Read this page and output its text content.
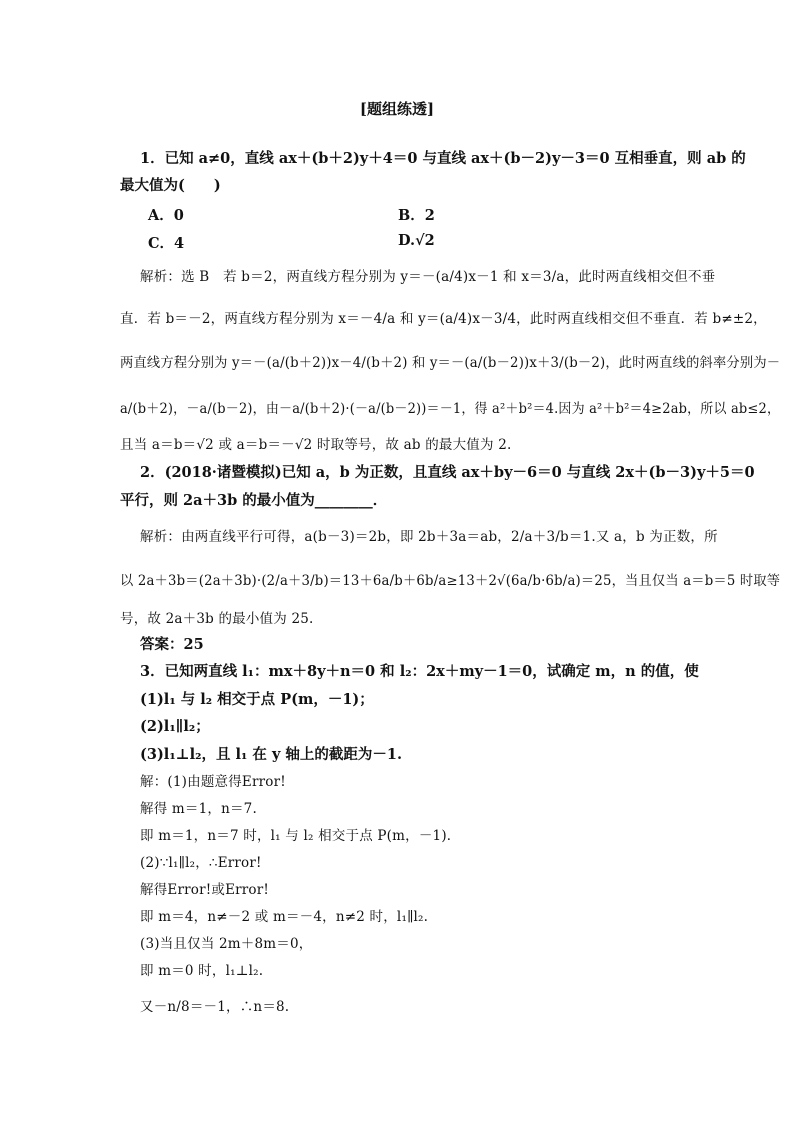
[题组练透]
1．已知 a≠0，直线 ax＋(b＋2)y＋4＝0 与直线 ax＋(b－2)y－3＝0 互相垂直，则 ab 的
最大值为(　　)
A．0	B．2
C．4	D.√2
解析：选 B　若 b＝2，两直线方程分别为 y＝－(a/4)x－1 和 x＝3/a，此时两直线相交但不垂
直．若 b＝－2，两直线方程分别为 x＝－4/a 和 y＝(a/4)x－3/4，此时两直线相交但不垂直．若 b≠±2，
两直线方程分别为 y＝－(a/(b＋2))x－4/(b＋2) 和 y＝－(a/(b－2))x＋3/(b－2)，此时两直线的斜率分别为－
a/(b＋2)，－a/(b－2)，由－a/(b＋2)·(－a/(b－2))＝－1，得 a²＋b²＝4.因为 a²＋b²＝4≥2ab，所以 ab≤2，
且当 a＝b＝√2 或 a＝b＝－√2 时取等号，故 ab 的最大值为 2.
2．(2018·诸暨模拟)已知 a，b 为正数，且直线 ax＋by－6＝0 与直线 2x＋(b－3)y＋5＝0
平行，则 2a＋3b 的最小值为________．
解析：由两直线平行可得，a(b－3)＝2b，即 2b＋3a＝ab，2/a＋3/b＝1.又 a，b 为正数，所
以 2a＋3b＝(2a＋3b)·(2/a＋3/b)＝13＋6a/b＋6b/a≥13＋2√(6a/b·6b/a)＝25，当且仅当 a＝b＝5 时取等
号，故 2a＋3b 的最小值为 25.
答案：25
3．已知两直线 l₁：mx＋8y＋n＝0 和 l₂：2x＋my－1＝0，试确定 m，n 的值，使
(1)l₁ 与 l₂ 相交于点 P(m，－1)；
(2)l₁∥l₂；
(3)l₁⊥l₂，且 l₁ 在 y 轴上的截距为－1.
解：(1)由题意得Error!
解得 m＝1，n＝7.
即 m＝1，n＝7 时，l₁ 与 l₂ 相交于点 P(m，－1)．
(2)∵l₁∥l₂，∴Error!
解得Error!或Error!
即 m＝4，n≠－2 或 m＝－4，n≠2 时，l₁∥l₂.
(3)当且仅当 2m＋8m＝0，
即 m＝0 时，l₁⊥l₂.
又－n/8＝－1，∴n＝8.
